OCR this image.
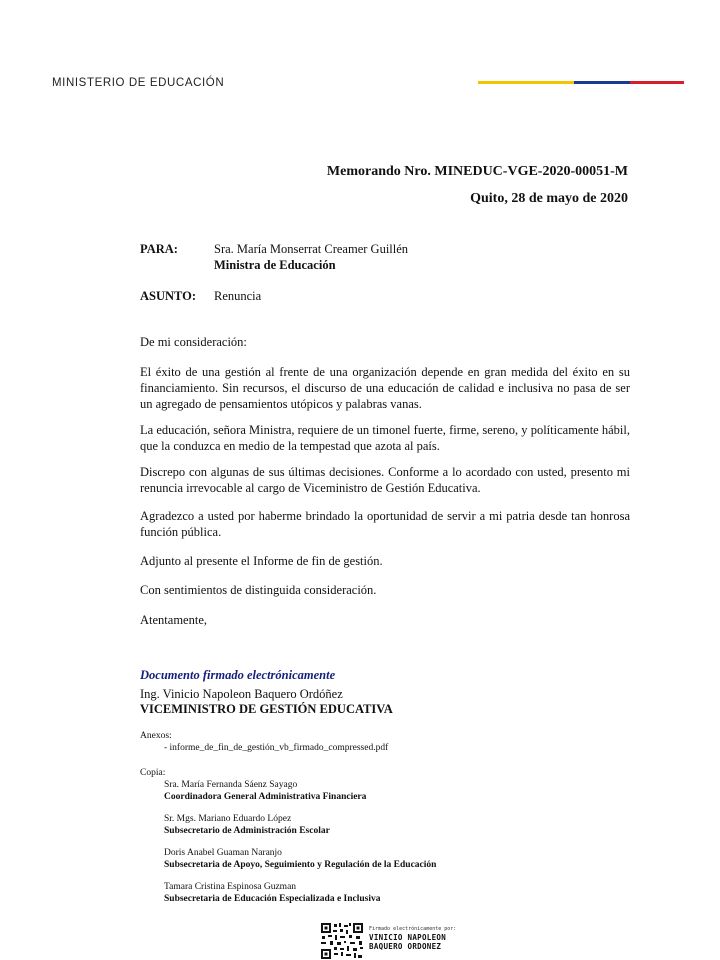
MINISTERIO DE EDUCACIÓN
Memorando Nro. MINEDUC-VGE-2020-00051-M
Quito, 28 de mayo de 2020
PARA:	Sra. María Monserrat Creamer Guillén
Ministra de Educación
ASUNTO: Renuncia
De mi consideración:

El éxito de una gestión al frente de una organización depende en gran medida del éxito en su financiamiento. Sin recursos, el discurso de una educación de calidad e inclusiva no pasa de ser un agregado de pensamientos utópicos y palabras vanas.

La educación, señora Ministra, requiere de un timonel fuerte, firme, sereno, y políticamente hábil, que la conduzca en medio de la tempestad que azota al país.

Discrepo con algunas de sus últimas decisiones. Conforme a lo acordado con usted, presento mi renuncia irrevocable al cargo de Viceministro de Gestión Educativa.

Agradezco a usted por haberme brindado la oportunidad de servir a mi patria desde tan honrosa función pública.

Adjunto al presente el Informe de fin de gestión.

Con sentimientos de distinguida consideración.

Atentamente,
Documento firmado electrónicamente
Ing. Vinicio Napoleon Baquero Ordóñez
VICEMINISTRO DE GESTIÓN EDUCATIVA
Anexos:
- informe_de_fin_de_gestión_vb_firmado_compressed.pdf
Copia:
Sra. María Fernanda Sáenz Sayago
Coordinadora General Administrativa Financiera
Sr. Mgs. Mariano Eduardo López
Subsecretario de Administración Escolar
Doris Anabel Guaman Naranjo
Subsecretaria de Apoyo, Seguimiento y Regulación de la Educación
Tamara Cristina Espinosa Guzman
Subsecretaria de Educación Especializada e Inclusiva
Firmado electrónicamente por:
VINICIO NAPOLEON
BAQUERO ORDONEZ
